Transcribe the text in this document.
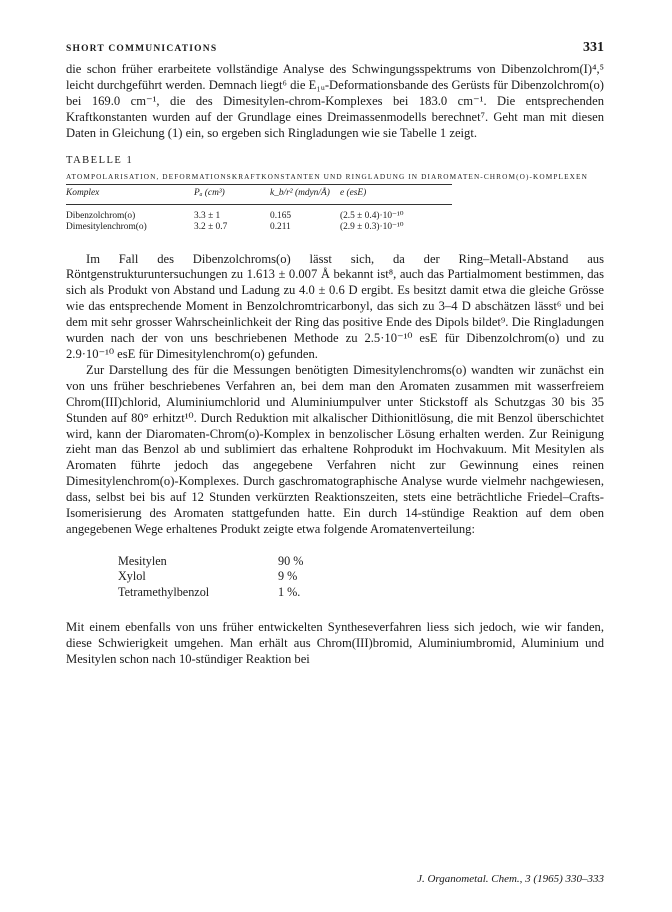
SHORT COMMUNICATIONS	331

die schon früher erarbeitete vollständige Analyse des Schwingungsspektrums von Dibenzolchrom(I)⁴,⁵ leicht durchgeführt werden. Demnach liegt⁶ die E₁ᵤ-Deformationsbande des Gerüsts für Dibenzolchrom(o) bei 169.0 cm⁻¹, die des Dimesitylen-chrom-Komplexes bei 183.0 cm⁻¹. Die entsprechenden Kraftkonstanten wurden auf der Grundlage eines Dreimassenmodells berechnet⁷. Geht man mit diesen Daten in Gleichung (1) ein, so ergeben sich Ringladungen wie sie Tabelle 1 zeigt.

TABELLE 1
ATOMPOLARISATION, DEFORMATIONSKRAFTKONSTANTEN UND RINGLADUNG IN DIAROMATEN-CHROM(O)-KOMPLEXEN
Komplex	Pₐ (cm³)	k_b/r² (mdyn/Å)	e (esE)

Dibenzolchrom(o)	3.3 ± 1	0.165	(2.5 ± 0.4)·10⁻¹⁰
Dimesitylenchrom(o)	3.2 ± 0.7	0.211	(2.9 ± 0.3)·10⁻¹⁰

Im Fall des Dibenzolchroms(o) lässt sich, da der Ring–Metall-Abstand aus Röntgenstrukturuntersuchungen zu 1.613 ± 0.007 Å bekannt ist⁸, auch das Partialmoment bestimmen, das sich als Produkt von Abstand und Ladung zu 4.0 ± 0.6 D ergibt. Es besitzt damit etwa die gleiche Grösse wie das entsprechende Moment in Benzolchromtricarbonyl, das sich zu 3–4 D abschätzen lässt⁶ und bei dem mit sehr grosser Wahrscheinlichkeit der Ring das positive Ende des Dipols bildet⁹. Die Ringladungen wurden nach der von uns beschriebenen Methode zu 2.5·10⁻¹⁰ esE für Dibenzolchrom(o) und zu 2.9·10⁻¹⁰ esE für Dimesitylenchrom(o) gefunden.

Zur Darstellung des für die Messungen benötigten Dimesitylenchroms(o) wandten wir zunächst ein von uns früher beschriebenes Verfahren an, bei dem man den Aromaten zusammen mit wasserfreiem Chrom(III)chlorid, Aluminiumchlorid und Aluminiumpulver unter Stickstoff als Schutzgas 30 bis 35 Stunden auf 80° erhitzt¹⁰. Durch Reduktion mit alkalischer Dithionitlösung, die mit Benzol überschichtet wird, kann der Diaromaten-Chrom(o)-Komplex in benzolischer Lösung erhalten werden. Zur Reinigung zieht man das Benzol ab und sublimiert das erhaltene Rohprodukt im Hochvakuum. Mit Mesitylen als Aromaten führte jedoch das angegebene Verfahren nicht zur Gewinnung eines reinen Dimesitylenchrom(o)-Komplexes. Durch gaschromatographische Analyse wurde vielmehr nachgewiesen, dass, selbst bei bis auf 12 Stunden verkürzten Reaktionszeiten, stets eine beträchtliche Friedel–Crafts-Isomerisierung des Aromaten stattgefunden hatte. Ein durch 14-stündige Reaktion auf dem oben angegebenen Wege erhaltenes Produkt zeigte etwa folgende Aromatenverteilung:

Mesitylen	90 %
Xylol	9 %
Tetramethylbenzol	1 %.

Mit einem ebenfalls von uns früher entwickelten Syntheseverfahren liess sich jedoch, wie wir fanden, diese Schwierigkeit umgehen. Man erhält aus Chrom(III)bromid, Aluminiumbromid, Aluminium und Mesitylen schon nach 10-stündiger Reaktion bei

J. Organometal. Chem., 3 (1965) 330–333
